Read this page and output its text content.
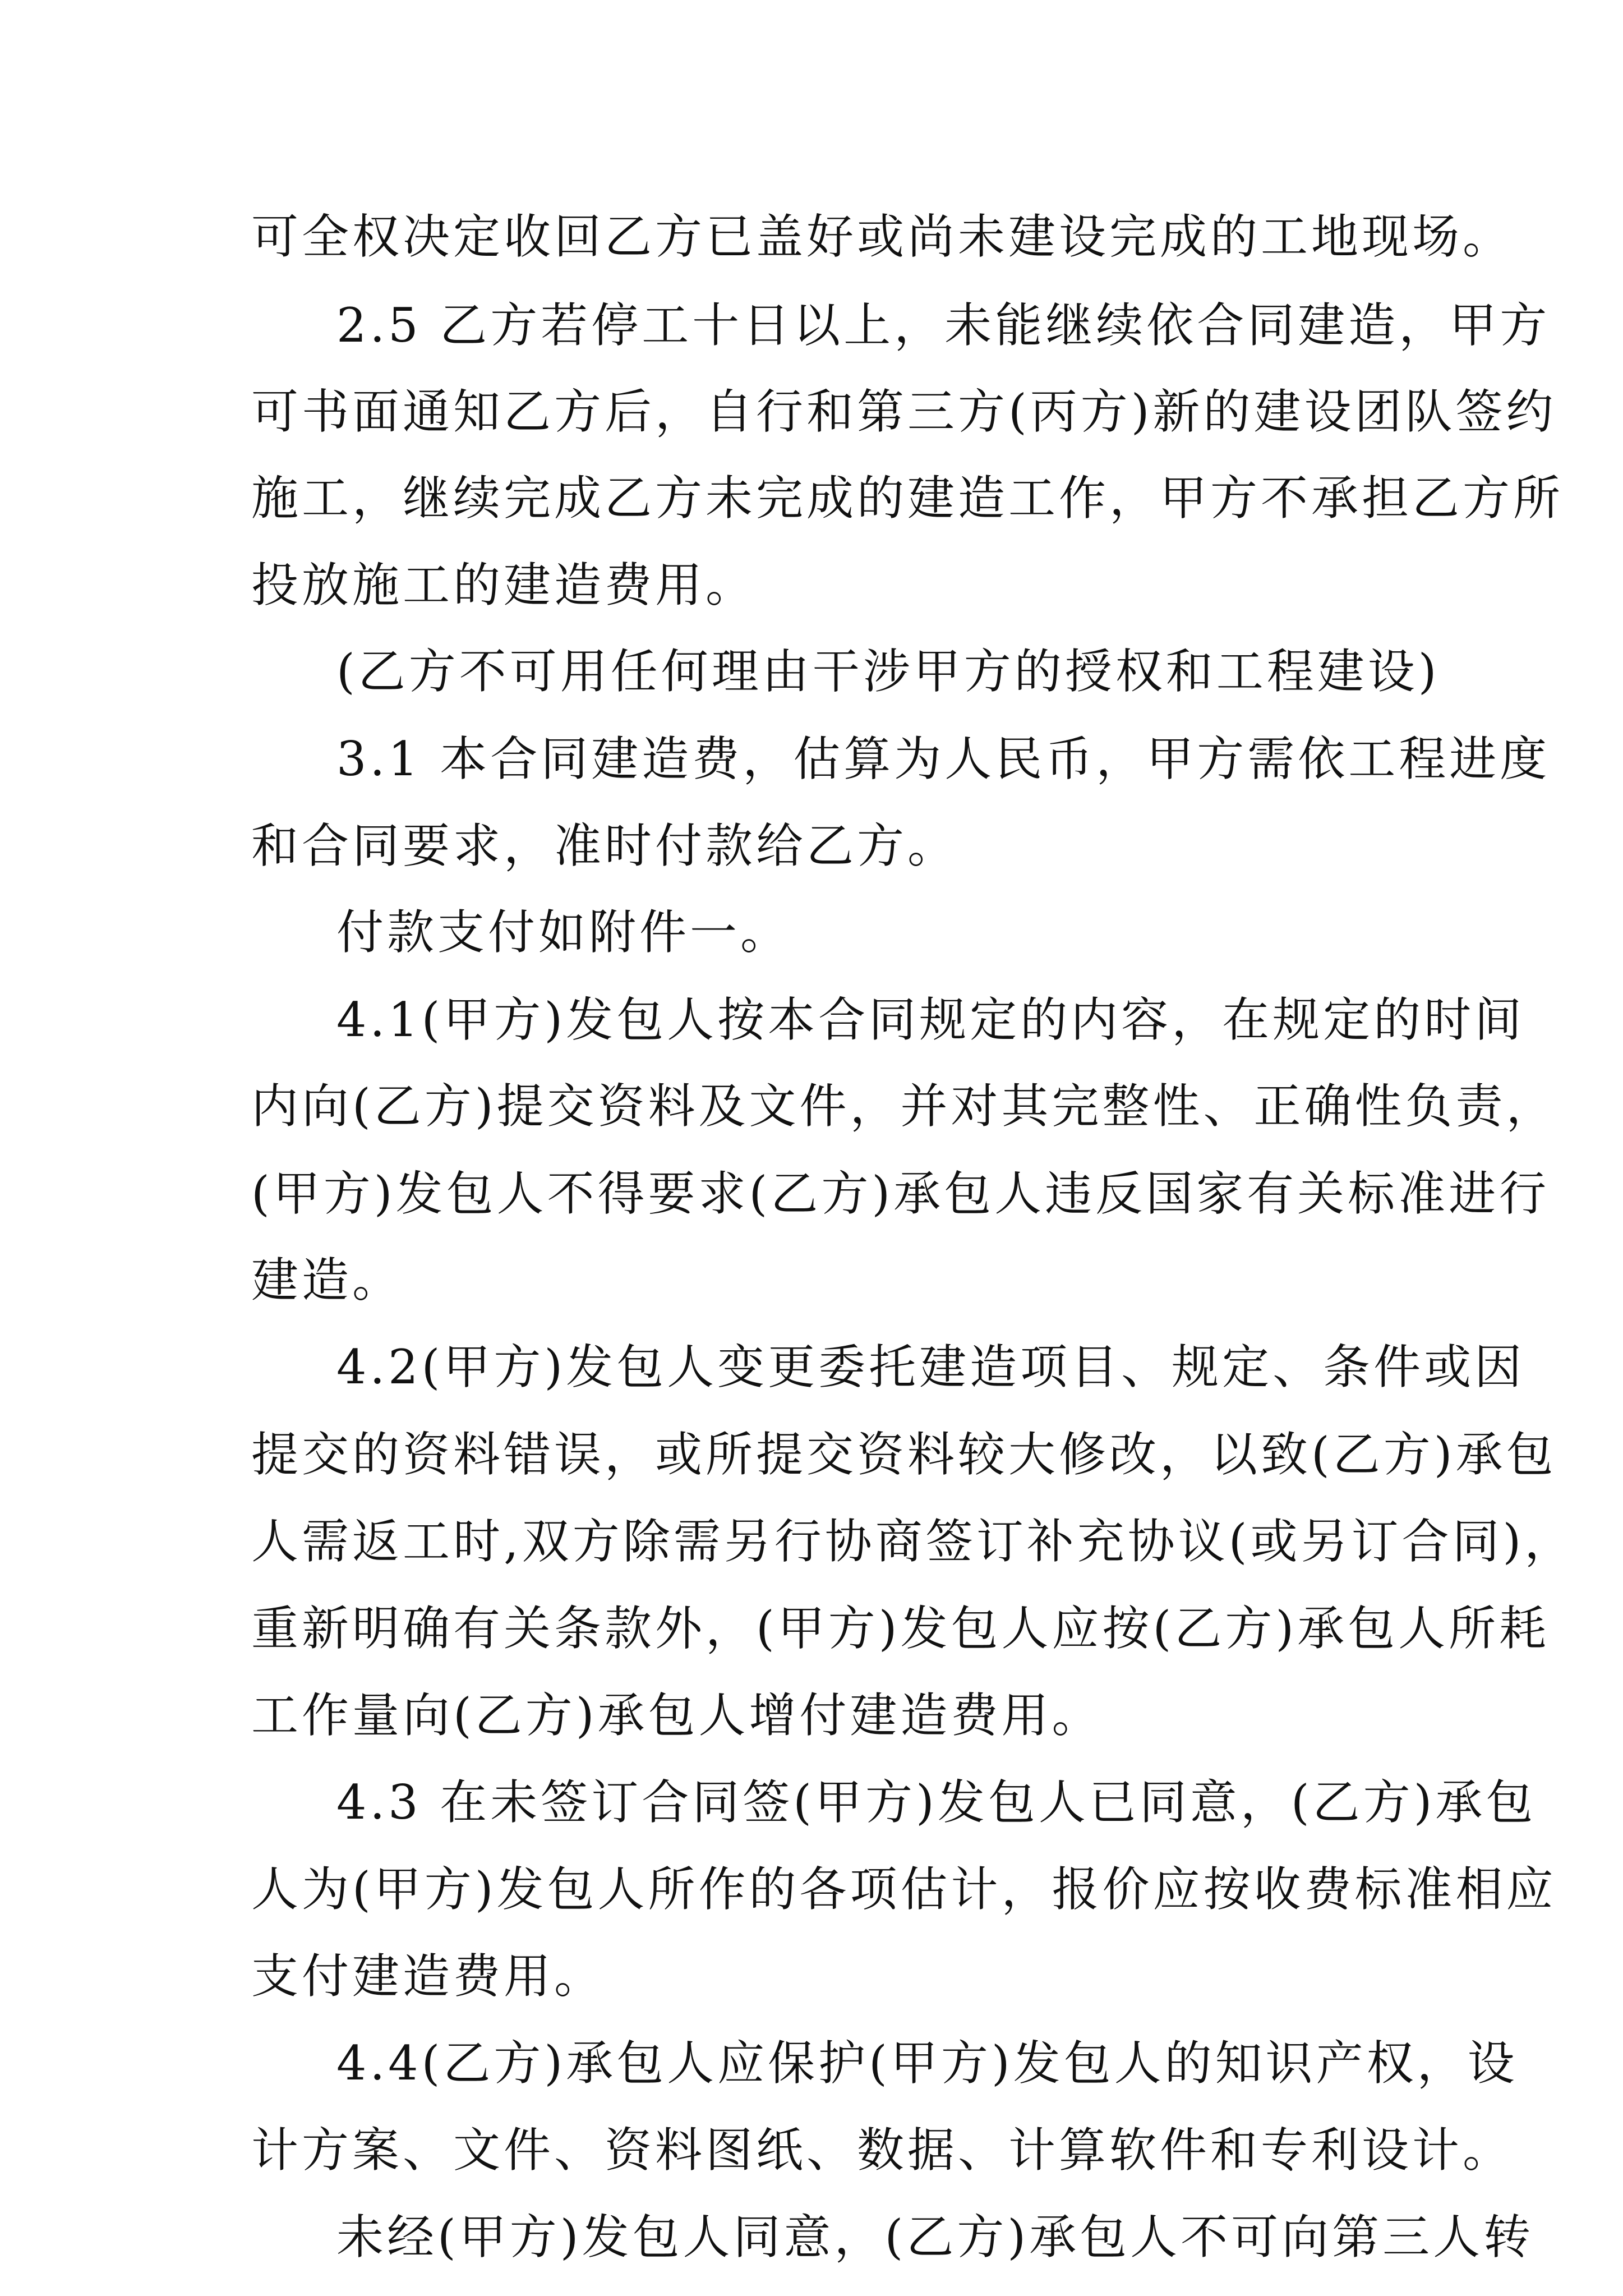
可全权决定收回乙方已盖好或尚未建设完成的工地现场。
2.5 乙方若停工十日以上，未能继续依合同建造，甲方
可书面通知乙方后，自行和第三方(丙方)新的建设团队签约
施工，继续完成乙方未完成的建造工作，甲方不承担乙方所
投放施工的建造费用。
(乙方不可用任何理由干涉甲方的授权和工程建设)
3.1 本合同建造费，估算为人民币，甲方需依工程进度
和合同要求，准时付款给乙方。
付款支付如附件一。
4.1(甲方)发包人按本合同规定的内容，在规定的时间
内向(乙方)提交资料及文件，并对其完整性、正确性负责，
(甲方)发包人不得要求(乙方)承包人违反国家有关标准进行
建造。
4.2(甲方)发包人变更委托建造项目、规定、条件或因
提交的资料错误，或所提交资料较大修改，以致(乙方)承包
人需返工时,双方除需另行协商签订补充协议(或另订合同)，
重新明确有关条款外，(甲方)发包人应按(乙方)承包人所耗
工作量向(乙方)承包人增付建造费用。
4.3 在未签订合同签(甲方)发包人已同意，(乙方)承包
人为(甲方)发包人所作的各项估计，报价应按收费标准相应
支付建造费用。
4.4(乙方)承包人应保护(甲方)发包人的知识产权，设
计方案、文件、资料图纸、数据、计算软件和专利设计。
未经(甲方)发包人同意，(乙方)承包人不可向第三人转
